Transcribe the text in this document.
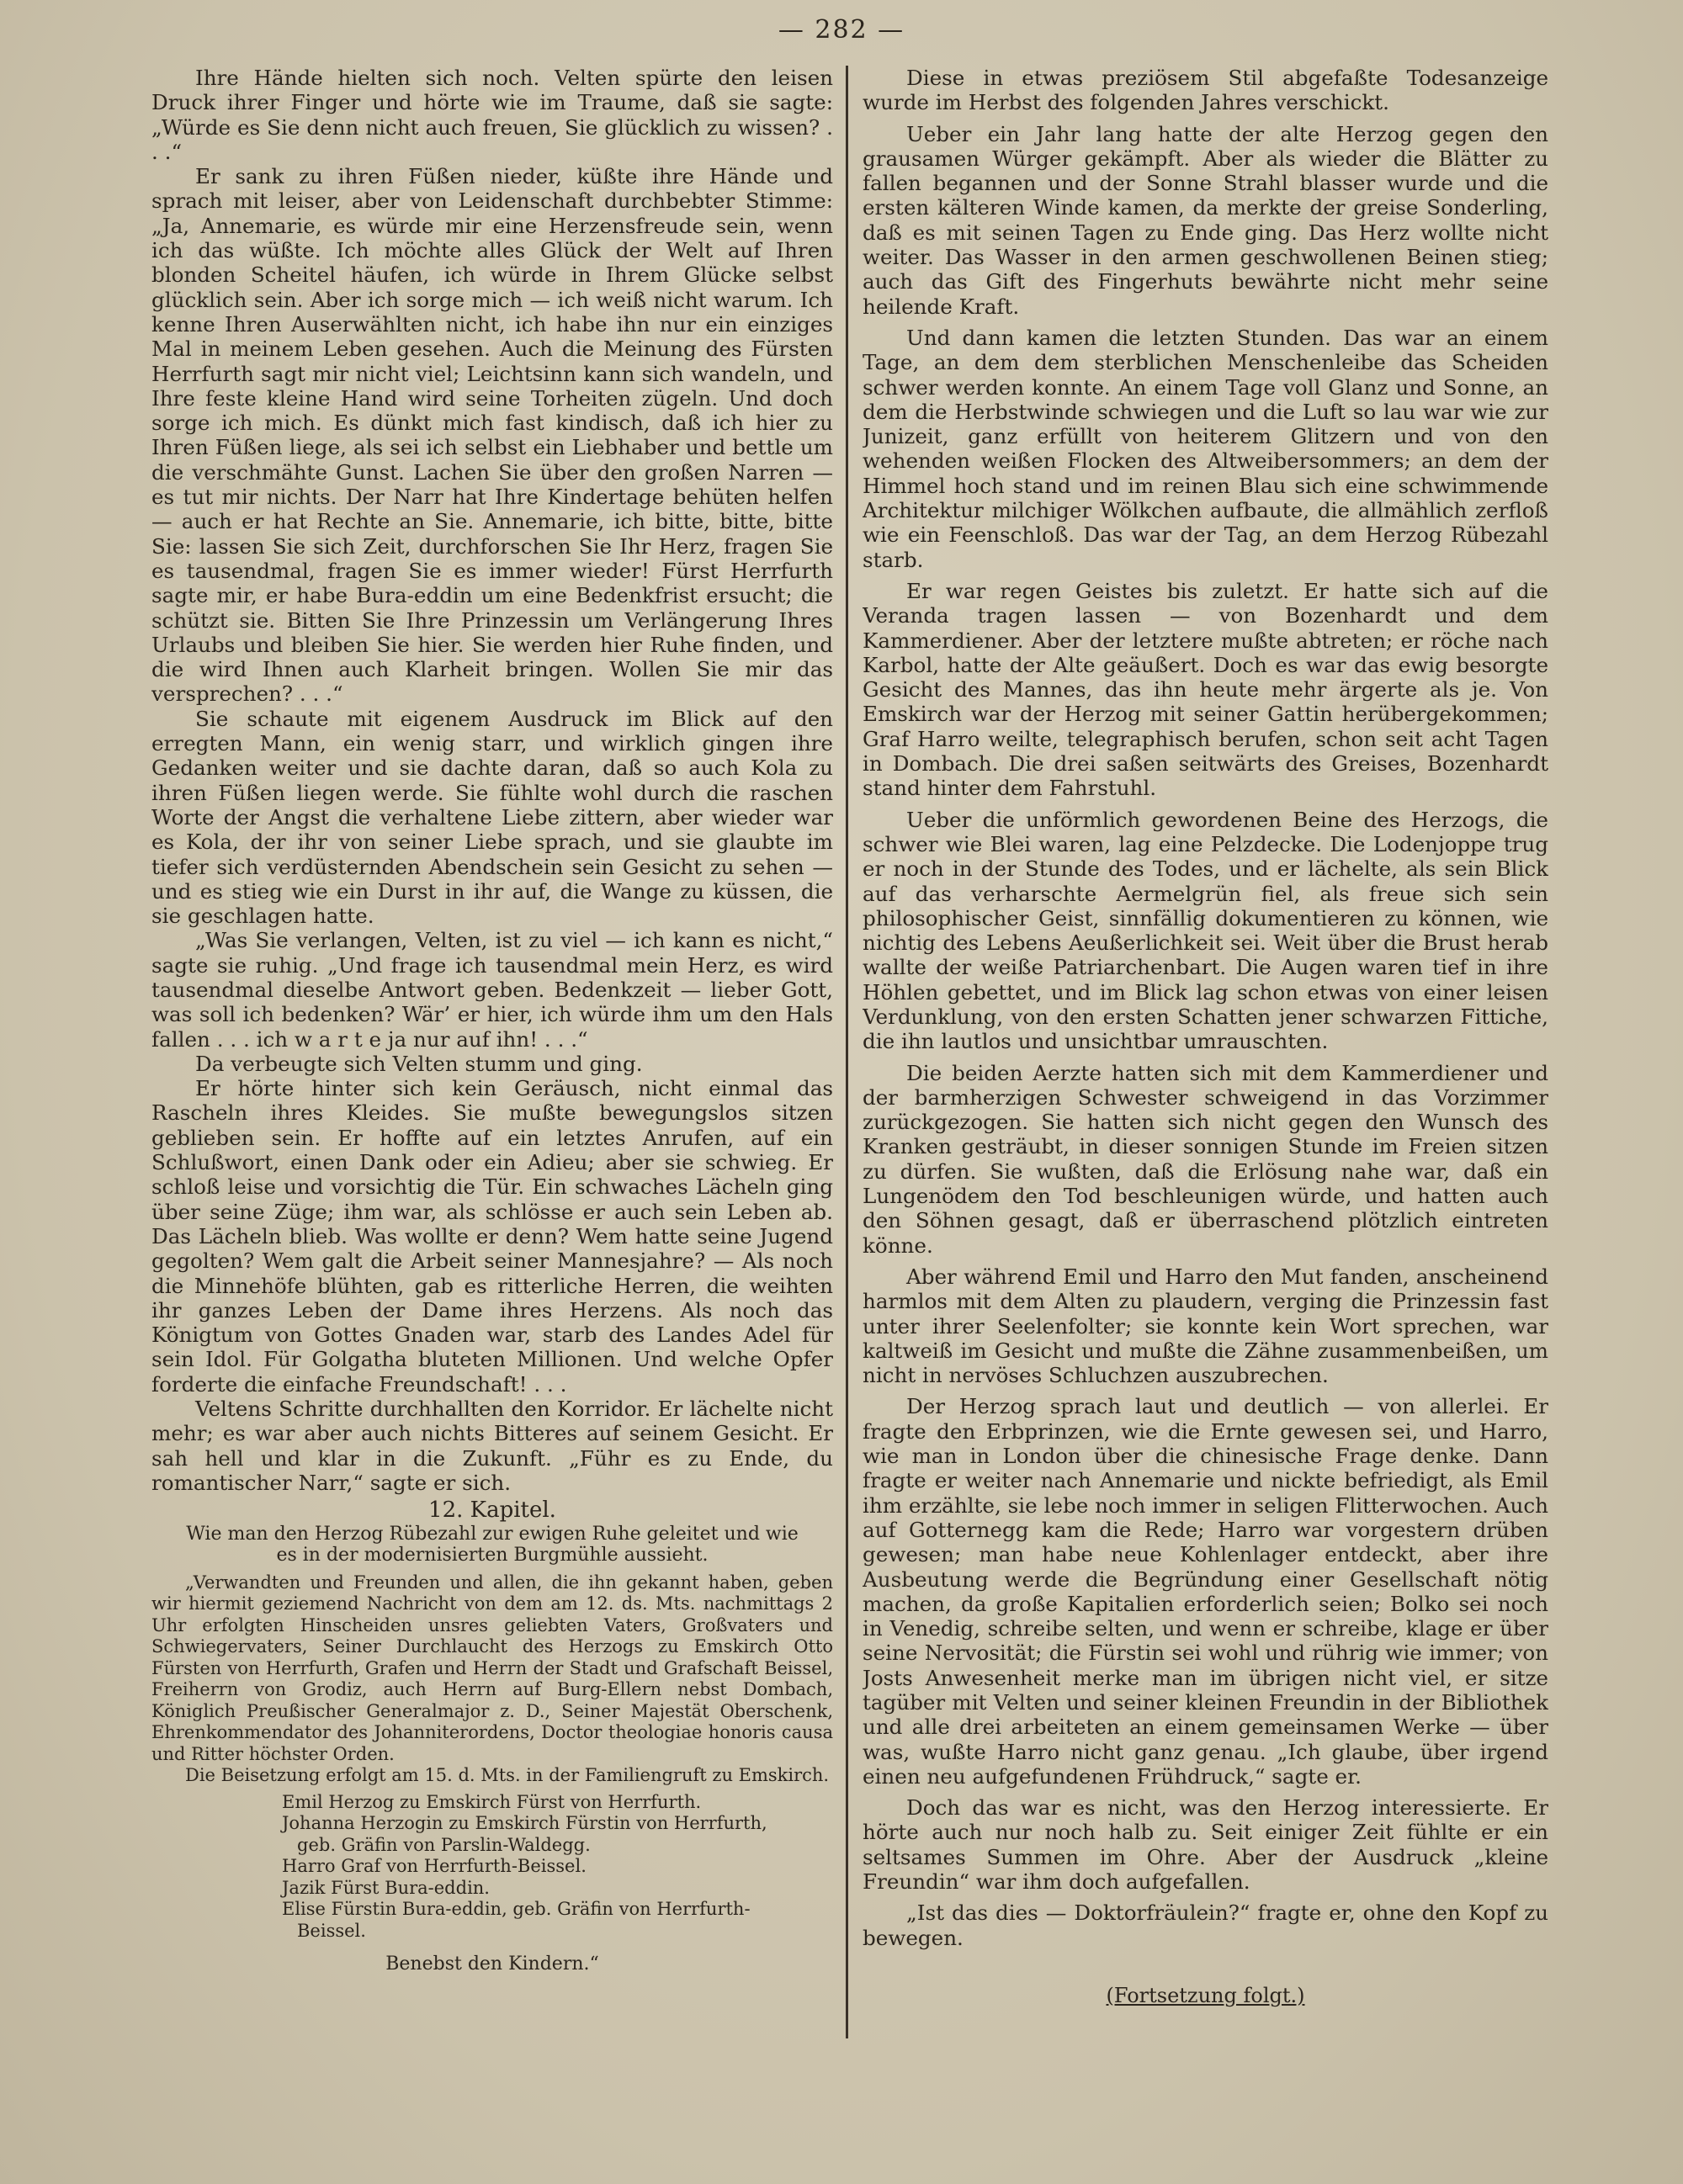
— 282 —

Ihre Hände hielten sich noch. Velten spürte den leisen Druck ihrer Finger und hörte wie im Traume, daß sie sagte: „Würde es Sie denn nicht auch freuen, Sie glücklich zu wissen? . . .“

Er sank zu ihren Füßen nieder, küßte ihre Hände und sprach mit leiser, aber von Leidenschaft durchbebter Stimme: „Ja, Annemarie, es würde mir eine Herzensfreude sein, wenn ich das wüßte. Ich möchte alles Glück der Welt auf Ihren blonden Scheitel häufen, ich würde in Ihrem Glücke selbst glücklich sein. Aber ich sorge mich — ich weiß nicht warum. Ich kenne Ihren Auserwählten nicht, ich habe ihn nur ein einziges Mal in meinem Leben gesehen. Auch die Meinung des Fürsten Herrfurth sagt mir nicht viel; Leichtsinn kann sich wandeln, und Ihre feste kleine Hand wird seine Torheiten zügeln. Und doch sorge ich mich. Es dünkt mich fast kindisch, daß ich hier zu Ihren Füßen liege, als sei ich selbst ein Liebhaber und bettle um die verschmähte Gunst. Lachen Sie über den großen Narren — es tut mir nichts. Der Narr hat Ihre Kindertage behüten helfen — auch er hat Rechte an Sie. Annemarie, ich bitte, bitte, bitte Sie: lassen Sie sich Zeit, durchforschen Sie Ihr Herz, fragen Sie es tausendmal, fragen Sie es immer wieder! Fürst Herrfurth sagte mir, er habe Bura-eddin um eine Bedenkfrist ersucht; die schützt sie. Bitten Sie Ihre Prinzessin um Verlängerung Ihres Urlaubs und bleiben Sie hier. Sie werden hier Ruhe finden, und die wird Ihnen auch Klarheit bringen. Wollen Sie mir das versprechen? . . .“

Sie schaute mit eigenem Ausdruck im Blick auf den erregten Mann, ein wenig starr, und wirklich gingen ihre Gedanken weiter und sie dachte daran, daß so auch Kola zu ihren Füßen liegen werde. Sie fühlte wohl durch die raschen Worte der Angst die verhaltene Liebe zittern, aber wieder war es Kola, der ihr von seiner Liebe sprach, und sie glaubte im tiefer sich verdüsternden Abendschein sein Gesicht zu sehen — und es stieg wie ein Durst in ihr auf, die Wange zu küssen, die sie geschlagen hatte.

„Was Sie verlangen, Velten, ist zu viel — ich kann es nicht,“ sagte sie ruhig. „Und frage ich tausendmal mein Herz, es wird tausendmal dieselbe Antwort geben. Bedenkzeit — lieber Gott, was soll ich bedenken? Wär’ er hier, ich würde ihm um den Hals fallen . . . ich w a r t e ja nur auf ihn! . . .“

Da verbeugte sich Velten stumm und ging.

Er hörte hinter sich kein Geräusch, nicht einmal das Rascheln ihres Kleides. Sie mußte bewegungslos sitzen geblieben sein. Er hoffte auf ein letztes Anrufen, auf ein Schlußwort, einen Dank oder ein Adieu; aber sie schwieg. Er schloß leise und vorsichtig die Tür. Ein schwaches Lächeln ging über seine Züge; ihm war, als schlösse er auch sein Leben ab. Das Lächeln blieb. Was wollte er denn? Wem hatte seine Jugend gegolten? Wem galt die Arbeit seiner Mannesjahre? — Als noch die Minnehöfe blühten, gab es ritterliche Herren, die weihten ihr ganzes Leben der Dame ihres Herzens. Als noch das Königtum von Gottes Gnaden war, starb des Landes Adel für sein Idol. Für Golgatha bluteten Millionen. Und welche Opfer forderte die einfache Freundschaft! . . .

Veltens Schritte durchhallten den Korridor. Er lächelte nicht mehr; es war aber auch nichts Bitteres auf seinem Gesicht. Er sah hell und klar in die Zukunft. „Führ es zu Ende, du romantischer Narr,“ sagte er sich.

12. Kapitel.
Wie man den Herzog Rübezahl zur ewigen Ruhe geleitet und wie es in der modernisierten Burgmühle aussieht.

„Verwandten und Freunden und allen, die ihn gekannt haben, geben wir hiermit geziemend Nachricht von dem am 12. ds. Mts. nachmittags 2 Uhr erfolgten Hinscheiden unsres geliebten Vaters, Großvaters und Schwiegervaters, Seiner Durchlaucht des Herzogs zu Emskirch Otto Fürsten von Herrfurth, Grafen und Herrn der Stadt und Grafschaft Beissel, Freiherrn von Grodiz, auch Herrn auf Burg-Ellern nebst Dombach, Königlich Preußischer Generalmajor z. D., Seiner Majestät Oberschenk, Ehrenkommendator des Johanniterordens, Doctor theologiae honoris causa und Ritter höchster Orden.

Die Beisetzung erfolgt am 15. d. Mts. in der Familiengruft zu Emskirch.

Emil Herzog zu Emskirch Fürst von Herrfurth.
Johanna Herzogin zu Emskirch Fürstin von Herrfurth,
geb. Gräfin von Parslin-Waldegg.
Harro Graf von Herrfurth-Beissel.
Jazik Fürst Bura-eddin.
Elise Fürstin Bura-eddin, geb. Gräfin von Herrfurth-
Beissel.
Benebst den Kindern.“

Diese in etwas preziösem Stil abgefaßte Todesanzeige wurde im Herbst des folgenden Jahres verschickt.

Ueber ein Jahr lang hatte der alte Herzog gegen den grausamen Würger gekämpft. Aber als wieder die Blätter zu fallen begannen und der Sonne Strahl blasser wurde und die ersten kälteren Winde kamen, da merkte der greise Sonderling, daß es mit seinen Tagen zu Ende ging. Das Herz wollte nicht weiter. Das Wasser in den armen geschwollenen Beinen stieg; auch das Gift des Fingerhuts bewährte nicht mehr seine heilende Kraft.

Und dann kamen die letzten Stunden. Das war an einem Tage, an dem dem sterblichen Menschenleibe das Scheiden schwer werden konnte. An einem Tage voll Glanz und Sonne, an dem die Herbstwinde schwiegen und die Luft so lau war wie zur Junizeit, ganz erfüllt von heiterem Glitzern und von den wehenden weißen Flocken des Altweibersommers; an dem der Himmel hoch stand und im reinen Blau sich eine schwimmende Architektur milchiger Wölkchen aufbaute, die allmählich zerfloß wie ein Feenschloß. Das war der Tag, an dem Herzog Rübezahl starb.

Er war regen Geistes bis zuletzt. Er hatte sich auf die Veranda tragen lassen — von Bozenhardt und dem Kammerdiener. Aber der letztere mußte abtreten; er röche nach Karbol, hatte der Alte geäußert. Doch es war das ewig besorgte Gesicht des Mannes, das ihn heute mehr ärgerte als je. Von Emskirch war der Herzog mit seiner Gattin herübergekommen; Graf Harro weilte, telegraphisch berufen, schon seit acht Tagen in Dombach. Die drei saßen seitwärts des Greises, Bozenhardt stand hinter dem Fahrstuhl.

Ueber die unförmlich gewordenen Beine des Herzogs, die schwer wie Blei waren, lag eine Pelzdecke. Die Lodenjoppe trug er noch in der Stunde des Todes, und er lächelte, als sein Blick auf das verharschte Aermelgrün fiel, als freue sich sein philosophischer Geist, sinnfällig dokumentieren zu können, wie nichtig des Lebens Aeußerlichkeit sei. Weit über die Brust herab wallte der weiße Patriarchenbart. Die Augen waren tief in ihre Höhlen gebettet, und im Blick lag schon etwas von einer leisen Verdunklung, von den ersten Schatten jener schwarzen Fittiche, die ihn lautlos und unsichtbar umrauschten.

Die beiden Aerzte hatten sich mit dem Kammerdiener und der barmherzigen Schwester schweigend in das Vorzimmer zurückgezogen. Sie hatten sich nicht gegen den Wunsch des Kranken gesträubt, in dieser sonnigen Stunde im Freien sitzen zu dürfen. Sie wußten, daß die Erlösung nahe war, daß ein Lungenödem den Tod beschleunigen würde, und hatten auch den Söhnen gesagt, daß er überraschend plötzlich eintreten könne.

Aber während Emil und Harro den Mut fanden, anscheinend harmlos mit dem Alten zu plaudern, verging die Prinzessin fast unter ihrer Seelenfolter; sie konnte kein Wort sprechen, war kaltweiß im Gesicht und mußte die Zähne zusammenbeißen, um nicht in nervöses Schluchzen auszubrechen.

Der Herzog sprach laut und deutlich — von allerlei. Er fragte den Erbprinzen, wie die Ernte gewesen sei, und Harro, wie man in London über die chinesische Frage denke. Dann fragte er weiter nach Annemarie und nickte befriedigt, als Emil ihm erzählte, sie lebe noch immer in seligen Flitterwochen. Auch auf Gotternegg kam die Rede; Harro war vorgestern drüben gewesen; man habe neue Kohlenlager entdeckt, aber ihre Ausbeutung werde die Begründung einer Gesellschaft nötig machen, da große Kapitalien erforderlich seien; Bolko sei noch in Venedig, schreibe selten, und wenn er schreibe, klage er über seine Nervosität; die Fürstin sei wohl und rührig wie immer; von Josts Anwesenheit merke man im übrigen nicht viel, er sitze tagüber mit Velten und seiner kleinen Freundin in der Bibliothek und alle drei arbeiteten an einem gemeinsamen Werke — über was, wußte Harro nicht ganz genau. „Ich glaube, über irgend einen neu aufgefundenen Frühdruck,“ sagte er.

Doch das war es nicht, was den Herzog interessierte. Er hörte auch nur noch halb zu. Seit einiger Zeit fühlte er ein seltsames Summen im Ohre. Aber der Ausdruck „kleine Freundin“ war ihm doch aufgefallen.

„Ist das dies — Doktorfräulein?“ fragte er, ohne den Kopf zu bewegen.

(Fortsetzung folgt.)
